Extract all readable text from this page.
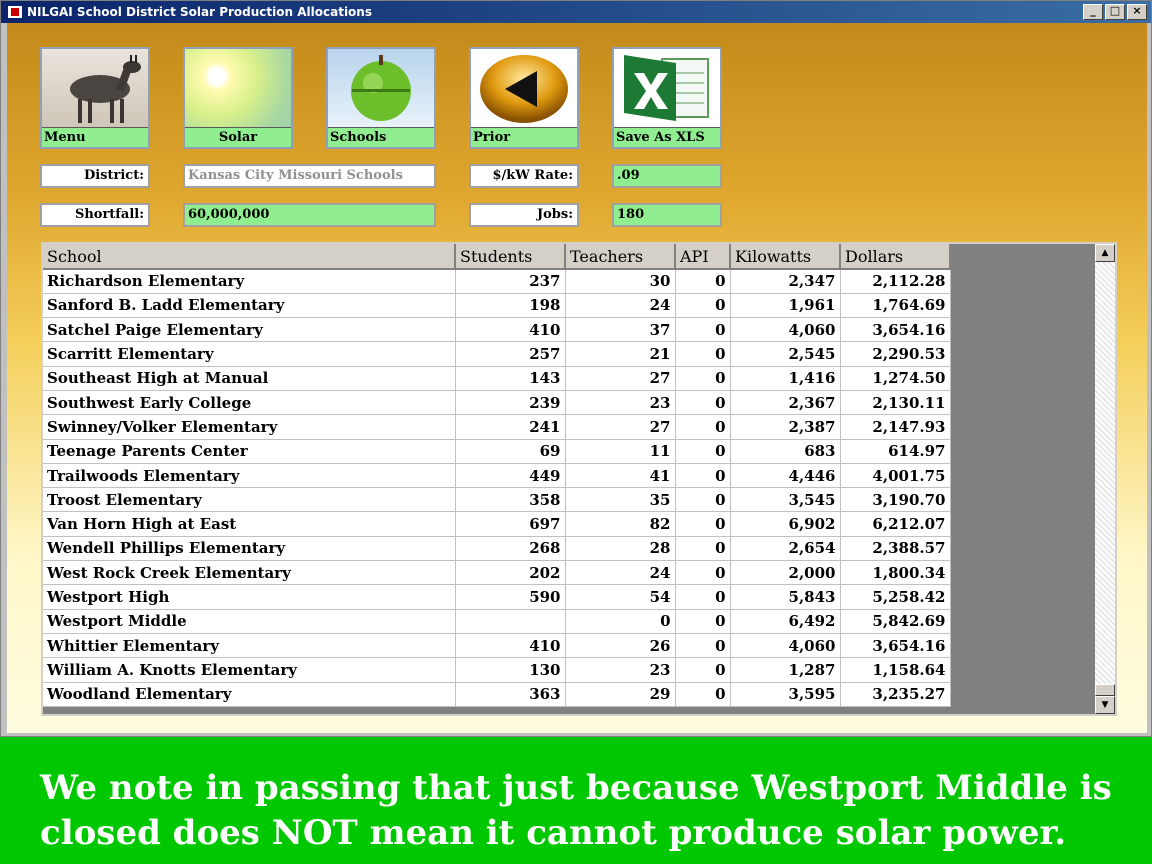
NILGAI School District Solar Production Allocations	_	□	×
Menu	Solar	Schools	Prior	Save As XLS
District:	Kansas City Missouri Schools	$/kW Rate:	.09
Shortfall:	60,000,000	Jobs:	180
School	Students	Teachers	API	Kilowatts	Dollars
Richardson Elementary	237	30	0	2,347	2,112.28
Sanford B. Ladd Elementary	198	24	0	1,961	1,764.69
Satchel Paige Elementary	410	37	0	4,060	3,654.16
Scarritt Elementary	257	21	0	2,545	2,290.53
Southeast High at Manual	143	27	0	1,416	1,274.50
Southwest Early College	239	23	0	2,367	2,130.11
Swinney/Volker Elementary	241	27	0	2,387	2,147.93
Teenage Parents Center	69	11	0	683	614.97
Trailwoods Elementary	449	41	0	4,446	4,001.75
Troost Elementary	358	35	0	3,545	3,190.70
Van Horn High at East	697	82	0	6,902	6,212.07
Wendell Phillips Elementary	268	28	0	2,654	2,388.57
West Rock Creek Elementary	202	24	0	2,000	1,800.34
Westport High	590	54	0	5,843	5,258.42
Westport Middle		0	0	6,492	5,842.69
Whittier Elementary	410	26	0	4,060	3,654.16
William A. Knotts Elementary	130	23	0	1,287	1,158.64
Woodland Elementary	363	29	0	3,595	3,235.27
▲
▼
We note in passing that just because Westport Middle is closed does NOT mean it cannot produce solar power.
